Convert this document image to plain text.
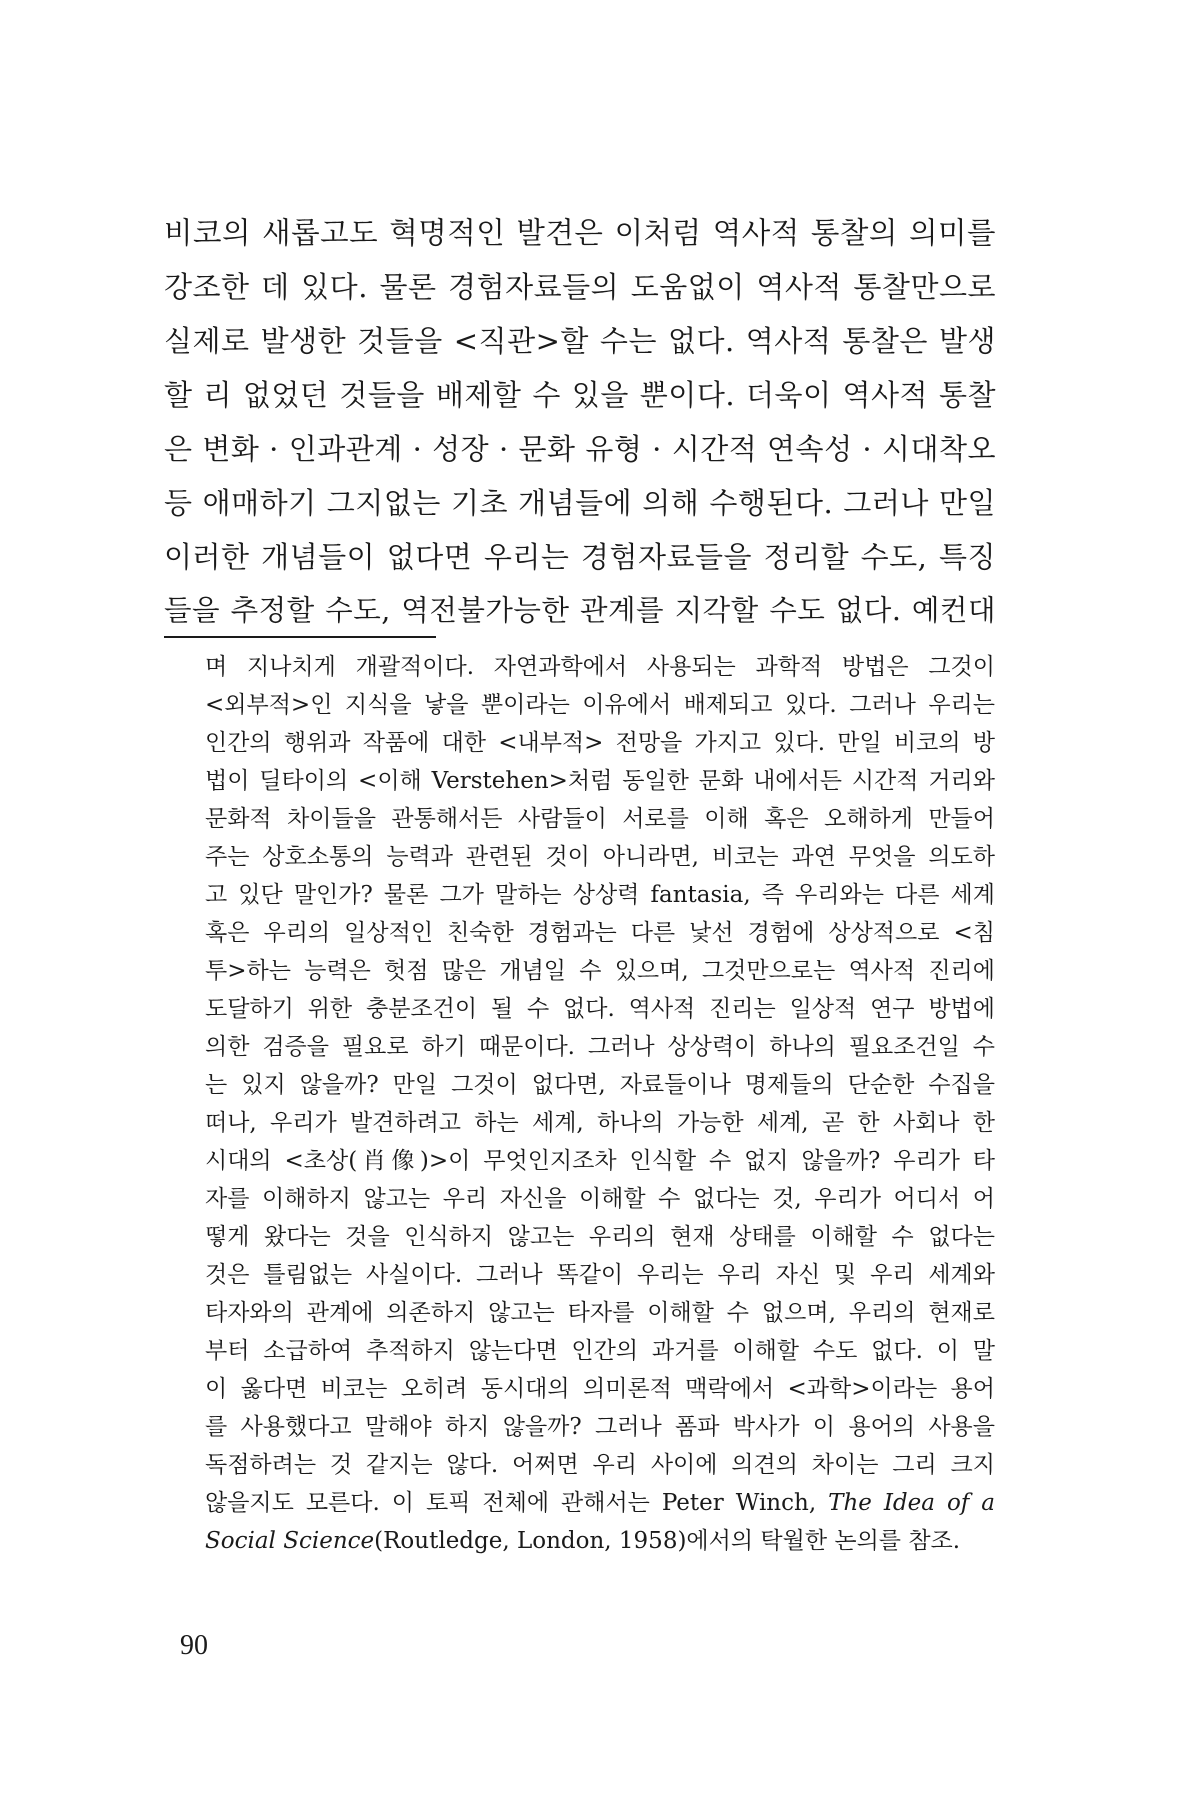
비코의 새롭고도 혁명적인 발견은 이처럼 역사적 통찰의 의미를
강조한 데 있다. 물론 경험자료들의 도움없이 역사적 통찰만으로
실제로 발생한 것들을 <직관>할 수는 없다. 역사적 통찰은 발생
할 리 없었던 것들을 배제할 수 있을 뿐이다. 더욱이 역사적 통찰
은 변화 · 인과관계 · 성장 · 문화 유형 · 시간적 연속성 · 시대착오
등 애매하기 그지없는 기초 개념들에 의해 수행된다. 그러나 만일
이러한 개념들이 없다면 우리는 경험자료들을 정리할 수도, 특징
들을 추정할 수도, 역전불가능한 관계를 지각할 수도 없다. 예컨대
며 지나치게 개괄적이다. 자연과학에서 사용되는 과학적 방법은 그것이
<외부적>인 지식을 낳을 뿐이라는 이유에서 배제되고 있다. 그러나 우리는
인간의 행위과 작품에 대한 <내부적> 전망을 가지고 있다. 만일 비코의 방
법이 딜타이의 <이해 Verstehen>처럼 동일한 문화 내에서든 시간적 거리와
문화적 차이들을 관통해서든 사람들이 서로를 이해 혹은 오해하게 만들어
주는 상호소통의 능력과 관련된 것이 아니라면, 비코는 과연 무엇을 의도하
고 있단 말인가? 물론 그가 말하는 상상력 fantasia, 즉 우리와는 다른 세계
혹은 우리의 일상적인 친숙한 경험과는 다른 낯선 경험에 상상적으로 <침
투>하는 능력은 헛점 많은 개념일 수 있으며, 그것만으로는 역사적 진리에
도달하기 위한 충분조건이 될 수 없다. 역사적 진리는 일상적 연구 방법에
의한 검증을 필요로 하기 때문이다. 그러나 상상력이 하나의 필요조건일 수
는 있지 않을까? 만일 그것이 없다면, 자료들이나 명제들의 단순한 수집을
떠나, 우리가 발견하려고 하는 세계, 하나의 가능한 세계, 곧 한 사회나 한
시대의 <초상(肖像)>이 무엇인지조차 인식할 수 없지 않을까? 우리가 타
자를 이해하지 않고는 우리 자신을 이해할 수 없다는 것, 우리가 어디서 어
떻게 왔다는 것을 인식하지 않고는 우리의 현재 상태를 이해할 수 없다는
것은 틀림없는 사실이다. 그러나 똑같이 우리는 우리 자신 및 우리 세계와
타자와의 관계에 의존하지 않고는 타자를 이해할 수 없으며, 우리의 현재로
부터 소급하여 추적하지 않는다면 인간의 과거를 이해할 수도 없다. 이 말
이 옳다면 비코는 오히려 동시대의 의미론적 맥락에서 <과학>이라는 용어
를 사용했다고 말해야 하지 않을까? 그러나 폼파 박사가 이 용어의 사용을
독점하려는 것 같지는 않다. 어쩌면 우리 사이에 의견의 차이는 그리 크지
않을지도 모른다. 이 토픽 전체에 관해서는 Peter Winch, The Idea of a
Social Science(Routledge, London, 1958)에서의 탁월한 논의를 참조.
90
